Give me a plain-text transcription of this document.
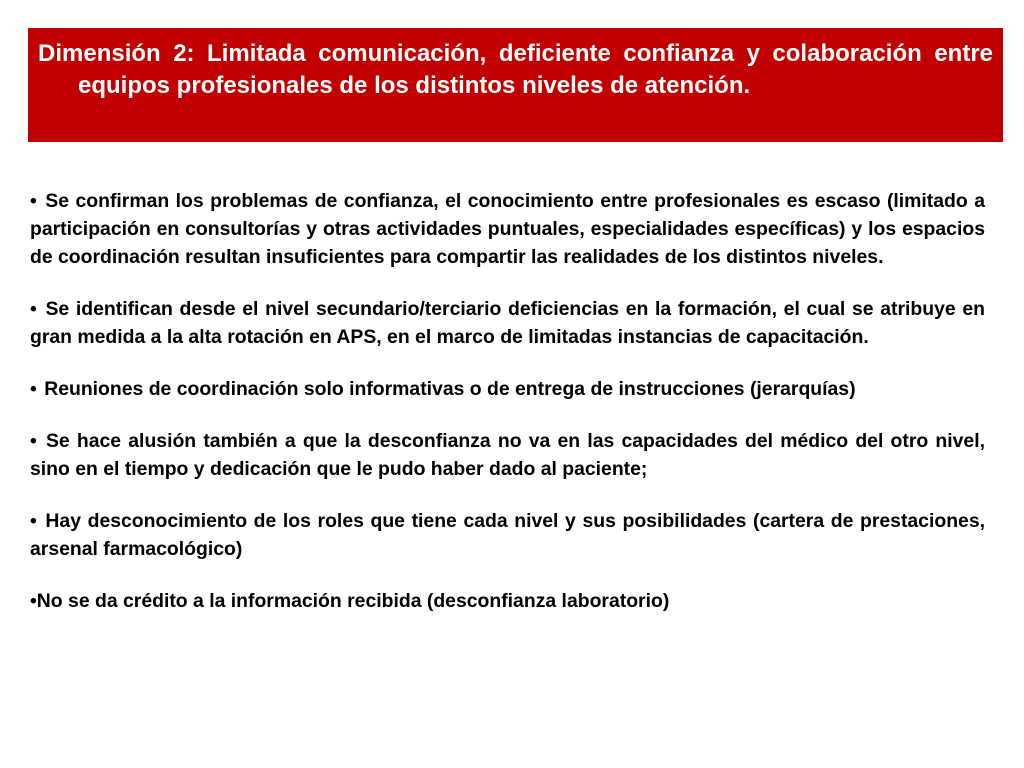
Dimensión 2: Limitada comunicación, deficiente confianza y colaboración entre equipos profesionales de los distintos niveles de atención.

• Se confirman los problemas de confianza, el conocimiento entre profesionales es escaso (limitado a participación en consultorías y otras actividades puntuales, especialidades específicas) y los espacios de coordinación resultan insuficientes para compartir las realidades de los distintos niveles.

• Se identifican desde el nivel secundario/terciario deficiencias en la formación, el cual se atribuye en gran medida a la alta rotación en APS, en el marco de limitadas instancias de capacitación.

• Reuniones de coordinación solo informativas o de entrega de instrucciones (jerarquías)

• Se hace alusión también a que la desconfianza no va en las capacidades del médico del otro nivel, sino en el tiempo y dedicación que le pudo haber dado al paciente;

• Hay desconocimiento de los roles que tiene cada nivel y sus posibilidades (cartera de prestaciones, arsenal farmacológico)

•No se da crédito a la información recibida (desconfianza laboratorio)
